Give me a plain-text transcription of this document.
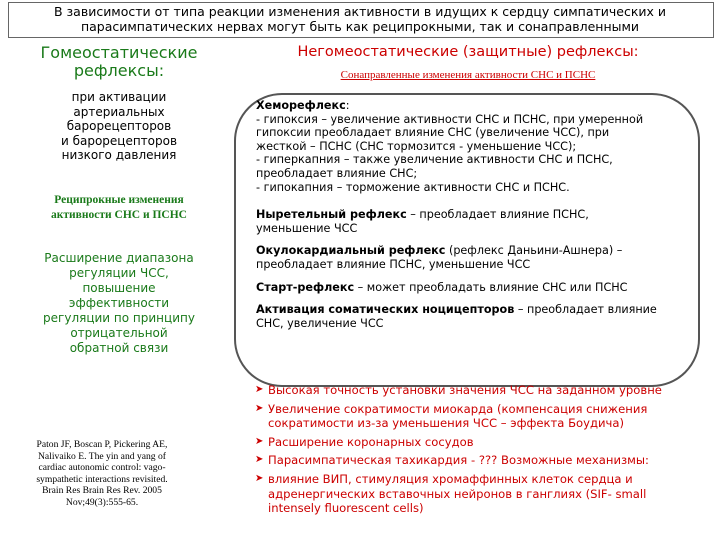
В зависимости от типа реакции изменения активности в идущих к сердцу симпатических и
парасимпатических нервах могут быть как реципрокными, так и сонаправленными
Гомеостатические
рефлексы:
при активации
артериальных
барорецепторов
и барорецепторов
низкого давления
Реципрокные изменения
активности СНС и ПСНС
Расширение диапазона
регуляции ЧСС,
повышение
эффективности
регуляции по принципу
отрицательной
обратной связи
Paton JF, Boscan P, Pickering AE,
Nalivaiko E. The yin and yang of
cardiac autonomic control: vago-
sympathetic interactions revisited.
Brain Res Brain Res Rev. 2005
Nov;49(3):555-65.
Негомеостатические (защитные) рефлексы:
Сонаправленные изменения активности СНС и ПСНС
Хеморефлекс:
- гипоксия – увеличение активности СНС и ПСНС, при умеренной
гипоксии преобладает влияние СНС (увеличение ЧСС), при
жесткой – ПСНС (СНС тормозится - уменьшение ЧСС);
- гиперкапния – также увеличение активности СНС и ПСНС,
преобладает влияние СНС;
- гипокапния – торможение активности СНС и ПСНС.
Ныретельный рефлекс – преобладает влияние ПСНС,
уменьшение ЧСС
Окулокардиальный рефлекс (рефлекс Даньини-Ашнера) –
преобладает влияние ПСНС, уменьшение ЧСС
Старт-рефлекс – может преобладать влияние СНС или ПСНС
Активация соматических ноцицепторов – преобладает влияние
СНС, увеличение ЧСС
➤ Высокая точность установки значения ЧСС на заданном уровне
➤ Увеличение сократимости миокарда (компенсация снижения
сократимости из-за уменьшения ЧСС – эффекта Боудича)
➤ Расширение коронарных сосудов
➤ Парасимпатическая тахикардия - ??? Возможные механизмы:
➤ влияние ВИП, стимуляция хромаффинных клеток сердца и
адренергических вставочных нейронов в ганглиях (SIF- small
intensely fluorescent cells)
